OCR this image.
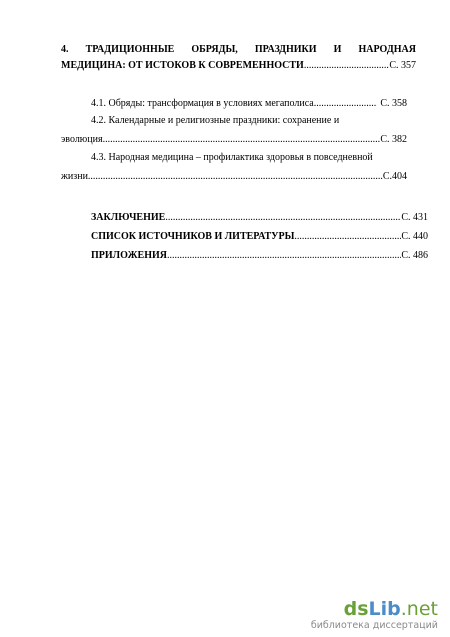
4. ТРАДИЦИОННЫЕ ОБРЯДЫ, ПРАЗДНИКИ И НАРОДНАЯ
МЕДИЦИНА: ОТ ИСТОКОВ К СОВРЕМЕННОСТИ .....	С. 357
4.1. Обряды: трансформация в условиях мегаполиса .....	С. 358
4.2. Календарные и религиозные праздники: сохранение и
эволюция .....	С. 382
4.3. Народная медицина – профилактика здоровья в повседневной
жизни .....	С.404
ЗАКЛЮЧЕНИЕ .....	С. 431
СПИСОК ИСТОЧНИКОВ И ЛИТЕРАТУРЫ .....	С. 440
ПРИЛОЖЕНИЯ .....	С. 486
dsLib.net
библиотека диссертаций
